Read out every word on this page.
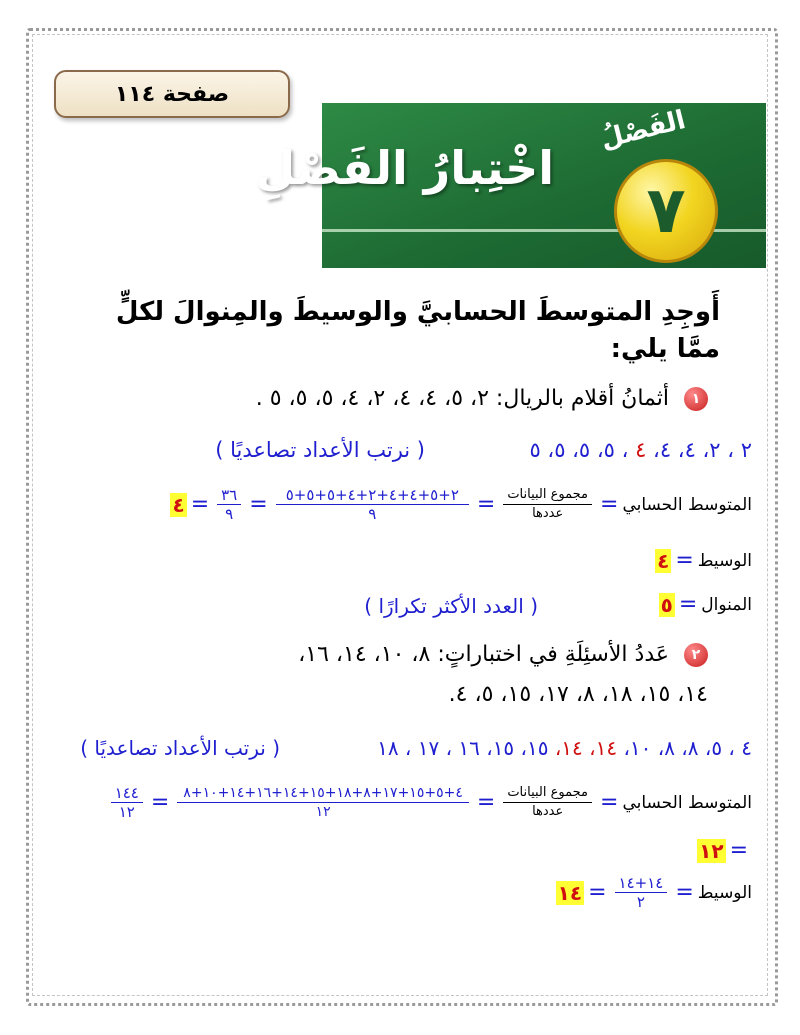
صفحة ١١٤
الفَصْلُ
٧
اخْتِبارُ الفَصْلِ
أَوجِدِ المتوسطَ الحسابيَّ والوسيطَ والمِنوالَ لكلٍّ
ممَّا يلي:
١ أثمانُ أقلام بالريال: ٢، ٥، ٤، ٤، ٢، ٤، ٥، ٥، ٥ .
٢ ، ٢، ٤، ٤، ٤ ، ٥، ٥، ٥، ٥
( نرتب الأعداد تصاعديًا )
المتوسط الحسابي
=
$\frac{\text{مجموع البيانات}}{\text{عددها}}$
=
$\frac{٢+٥+٤+٤+٢+٤+٥+٥+٥}{٩}$
=
$\frac{٣٦}{٩}$
=
٤
الوسيط
=
٤
المنوال
=
٥
( العدد الأكثر تكرارًا )
٢ عَددُ الأسئِلَةِ في اختباراتٍ: ٨، ١٠، ١٤، ١٦،
١٤، ١٥، ١٨، ٨، ١٧، ١٥، ٥، ٤.
٤ ، ٥، ٨، ٨، ١٠، ١٤، ١٤، ١٥، ١٥، ١٦ ، ١٧ ، ١٨
( نرتب الأعداد تصاعديًا )
المتوسط الحسابي
=
$\frac{\text{مجموع البيانات}}{\text{عددها}}$
=
$\frac{٤+٥+١٥+١٧+٨+١٨+١٥+١٤+١٦+١٤+١٠+٨}{١٢}$
=
$\frac{١٤٤}{١٢}$
=
١٢
الوسيط
=
$\frac{١٤+١٤}{٢}$
=
١٤
